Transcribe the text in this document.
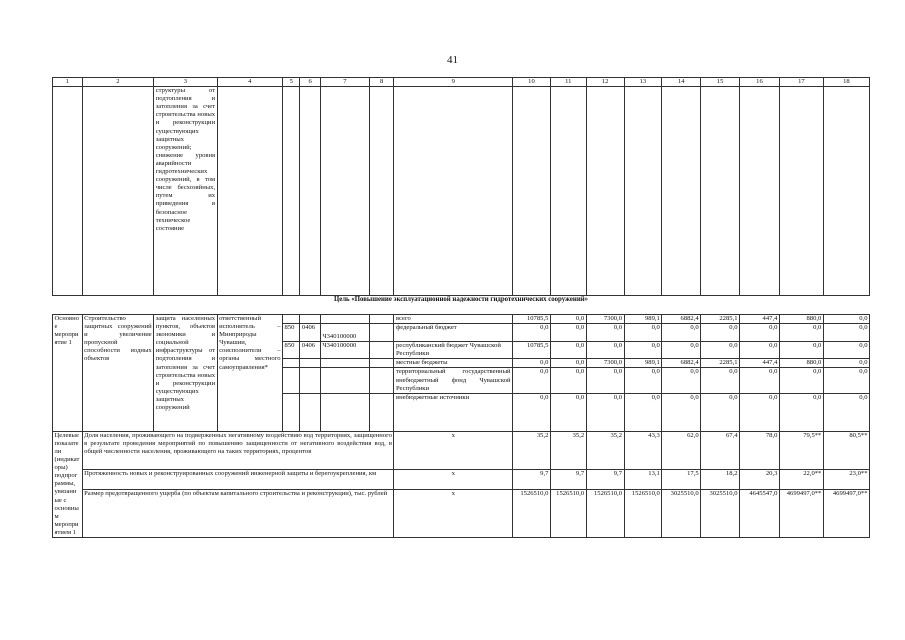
41
1	2	3	4	5	6	7	8	9	10	11	12	13	14	15	16	17	18
		структуры от подтопления и затопления за счет строительства новых и реконструкции существующих защитных сооружений; снижение уровня аварийности гидротехнических сооружений, в том числе бесхозяйных, путем их приведения в безопасное техническое состояние															
Цель «Повышение эксплуатационной надежности гидротехнических сооружений»
Основное мероприятие 1	Строительство защитных сооружений и увеличение пропускной способности водных объектов	защита населенных пунктов, объектов экономики и социальной инфраструктуры от подтопления и затопления за счет строительства новых и реконструкции существующих защитных сооружений	ответственный исполнитель – Минприроды Чувашии, соисполнители – органы местного самоуправления*					всего	10785,5	0,0	7300,0	989,1	6882,4	2285,1	447,4	880,0	0,0
				850	0406	Ч340100000		федеральный бюджет	0,0	0,0	0,0	0,0	0,0	0,0	0,0	0,0	0,0
				850	0406	Ч340100000		республиканский бюджет Чувашской Республики	10785,5	0,0	0,0	0,0	0,0	0,0	0,0	0,0	0,0
								местные бюджеты	0,0	0,0	7300,0	989,1	6882,4	2285,1	447,4	880,0	0,0
								территориальный государственный внебюджетный фонд Чувашской Республики	0,0	0,0	0,0	0,0	0,0	0,0	0,0	0,0	0,0
								внебюджетные источники	0,0	0,0	0,0	0,0	0,0	0,0	0,0	0,0	0,0
Целевые показатели (индикаторы) подпрограммы, увязанные с основным мероприятием 1	Доля населения, проживающего на подверженных негативному воздействию вод территориях, защищенного в результате проведения мероприятий по повышению защищенности от негативного воздействия вод, в общей численности населения, проживающего на таких территориях, процентов							x	35,2	35,2	35,2	43,3	62,0	67,4	78,0	79,5**	80,5**
	Протяженность новых и реконструированных сооружений инженерной защиты и берегоукрепления, км							x	9,7	9,7	9,7	13,1	17,5	18,2	20,3	22,0**	23,0**
	Размер предотвращенного ущерба (по объектам капитального строительства и реконструкции), тыс. рублей							x	1526510,0	1526510,0	1526510,0	1526510,0	3025510,0	3025510,0	4645547,0	4699497,0**	4699497,0**
